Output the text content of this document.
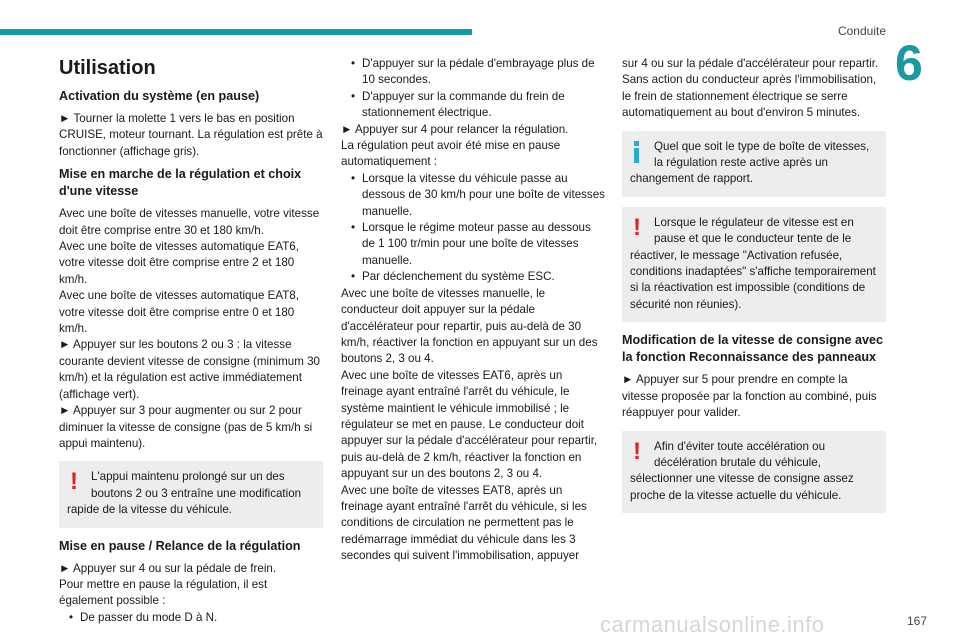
Conduite
6
Utilisation
Activation du système (en pause)

► Tourner la molette 1 vers le bas en position CRUISE, moteur tournant. La régulation est prête à fonctionner (affichage gris).

Mise en marche de la régulation et choix d'une vitesse

Avec une boîte de vitesses manuelle, votre vitesse doit être comprise entre 30 et 180 km/h.

Avec une boîte de vitesses automatique EAT6, votre vitesse doit être comprise entre 2 et 180 km/h.

Avec une boîte de vitesses automatique EAT8, votre vitesse doit être comprise entre 0 et 180 km/h.

► Appuyer sur les boutons 2 ou 3 : la vitesse courante devient vitesse de consigne (minimum 30 km/h) et la régulation est active immédiatement (affichage vert).

► Appuyer sur 3 pour augmenter ou sur 2 pour diminuer la vitesse de consigne (pas de 5 km/h si appui maintenu).

! L'appui maintenu prolongé sur un des boutons 2 ou 3 entraîne une modification rapide de la vitesse du véhicule.
Mise en pause / Relance de la régulation

► Appuyer sur 4 ou sur la pédale de frein.

Pour mettre en pause la régulation, il est également possible :

• De passer du mode D à N.
• D'appuyer sur la pédale d'embrayage plus de 10 secondes.
• D'appuyer sur la commande du frein de stationnement électrique.

► Appuyer sur 4 pour relancer la régulation.

La régulation peut avoir été mise en pause automatiquement :

• Lorsque la vitesse du véhicule passe au dessous de 30 km/h pour une boîte de vitesses manuelle.
• Lorsque le régime moteur passe au dessous de 1 100 tr/min pour une boîte de vitesses manuelle.
• Par déclenchement du système ESC.

Avec une boîte de vitesses manuelle, le conducteur doit appuyer sur la pédale d'accélérateur pour repartir, puis au-delà de 30 km/h, réactiver la fonction en appuyant sur un des boutons 2, 3 ou 4.

Avec une boîte de vitesses EAT6, après un freinage ayant entraîné l'arrêt du véhicule, le système maintient le véhicule immobilisé ; le régulateur se met en pause. Le conducteur doit appuyer sur la pédale d'accélérateur pour repartir, puis au-delà de 2 km/h, réactiver la fonction en appuyant sur un des boutons 2, 3 ou 4.

Avec une boîte de vitesses EAT8, après un freinage ayant entraîné l'arrêt du véhicule, si les conditions de circulation ne permettent pas le redémarrage immédiat du véhicule dans les 3 secondes qui suivent l'immobilisation, appuyer

sur 4 ou sur la pédale d'accélérateur pour repartir.

Sans action du conducteur après l'immobilisation, le frein de stationnement électrique se serre automatiquement au bout d'environ 5 minutes.

Quel que soit le type de boîte de vitesses, la régulation reste active après un changement de rapport.
! Lorsque le régulateur de vitesse est en pause et que le conducteur tente de le réactiver, le message "Activation refusée, conditions inadaptées" s'affiche temporairement si la réactivation est impossible (conditions de sécurité non réunies).
Modification de la vitesse de consigne avec la fonction Reconnaissance des panneaux

► Appuyer sur 5 pour prendre en compte la vitesse proposée par la fonction au combiné, puis réappuyer pour valider.

! Afin d'éviter toute accélération ou décélération brutale du véhicule, sélectionner une vitesse de consigne assez proche de la vitesse actuelle du véhicule.
carmanualsonline.info	167
